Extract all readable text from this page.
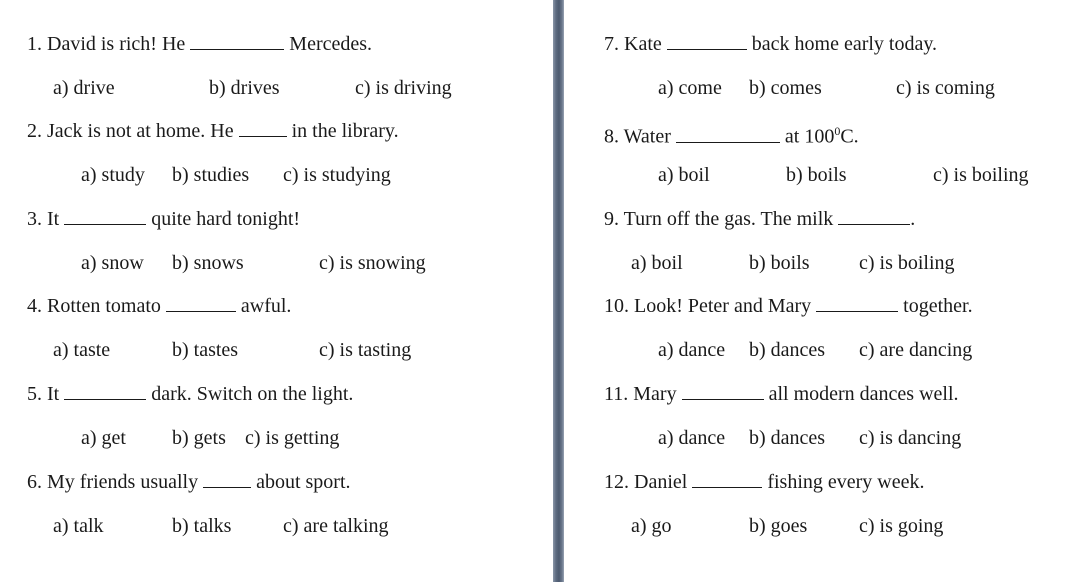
1. David is rich! He	Mercedes.
a) drive	b) drives	c) is driving
2. Jack is not at home. He	in the library.
a) study b) studies c) is studying
3. It	quite hard tonight!
a) snow b) snows	c) is snowing
4. Rotten tomato	awful.
a) taste	b) tastes	c) is tasting
5. It	dark. Switch on the light.
a) get b) gets c) is getting
6. My friends usually	about sport.
a) talk	b) talks	c) are talking
7. Kate	back home early today.
a) come b) comes	c) is coming
8. Water	at $100^0C$.
a) boil	b) boils	c) is boiling
9. Turn off the gas. The milk	.
a) boil	b) boils c) is boiling
10. Look! Peter and Mary	together.
a) dance b) dances c) are dancing
11. Mary	all modern dances well.
a) dance b) dances c) is dancing
12. Daniel	fishing every week.
a) go	b) goes	c) is going
